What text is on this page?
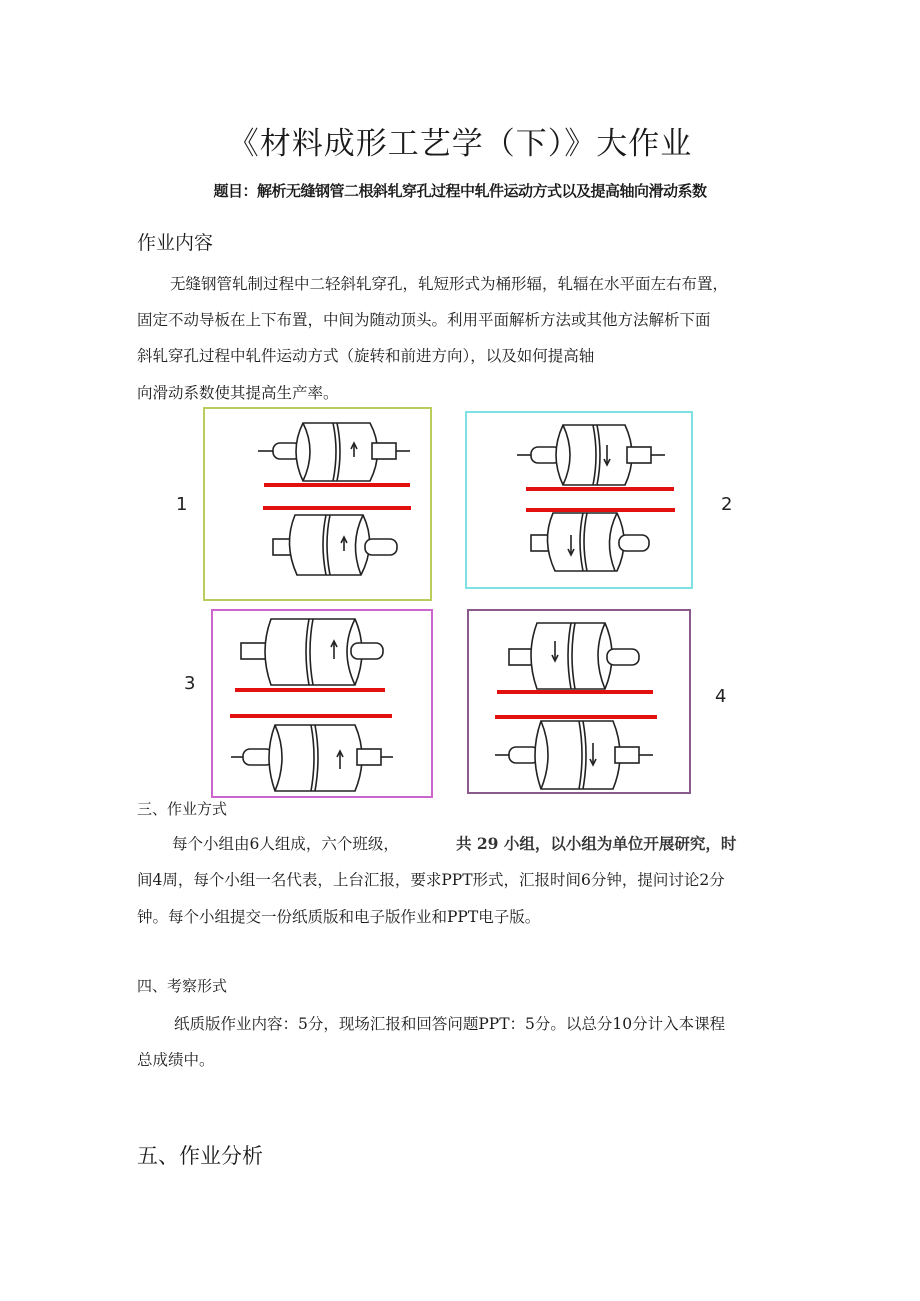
《材料成形工艺学（下）》大作业
题目：解析无缝钢管二根斜轧穿孔过程中轧件运动方式以及提高轴向滑动系数
作业内容
无缝钢管轧制过程中二轻斜轧穿孔，轧短形式为桶形辐，轧辐在水平面左右布置，
固定不动导板在上下布置，中间为随动顶头。利用平面解析方法或其他方法解析下面
斜轧穿孔过程中轧件运动方式（旋转和前进方向），以及如何提高轴
向滑动系数使其提高生产率。
1	2
3
4
三、作业方式
每个小组由6人组成，六个班级，	共 29 小组，以小组为单位开展研究，时
间4周，每个小组一名代表，上台汇报，要求PPT形式，汇报时间6分钟，提问讨论2分
钟。每个小组提交一份纸质版和电子版作业和PPT电子版。
四、考察形式
纸质版作业内容：5分，现场汇报和回答问题PPT：5分。以总分10分计入本课程
总成绩中。
五、作业分析
